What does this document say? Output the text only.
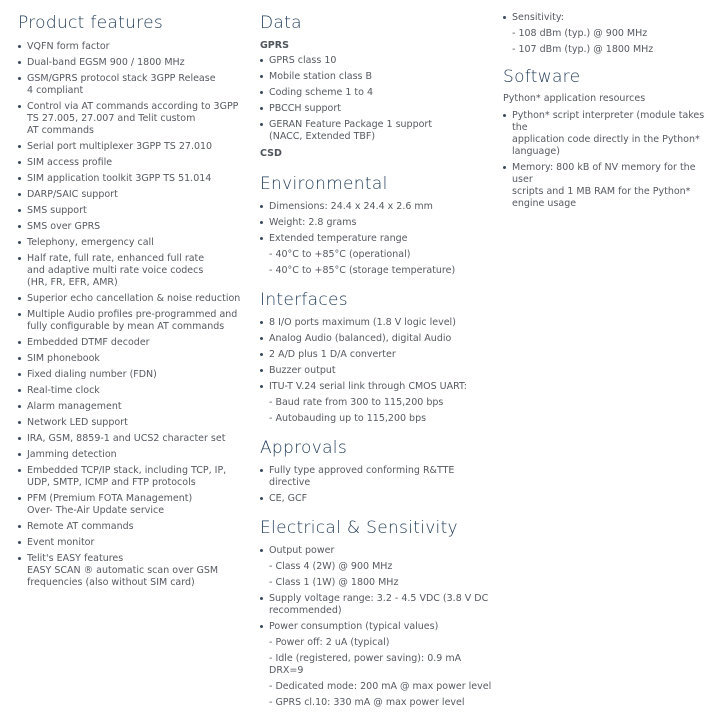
Product features
VQFN form factor
Dual-band EGSM 900 / 1800 MHz
GSM/GPRS protocol stack 3GPP Release
4 compliant
Control via AT commands according to 3GPP
TS 27.005, 27.007 and Telit custom
AT commands
Serial port multiplexer 3GPP TS 27.010
SIM access profile
SIM application toolkit 3GPP TS 51.014
DARP/SAIC support
SMS support
SMS over GPRS
Telephony, emergency call
Half rate, full rate, enhanced full rate
and adaptive multi rate voice codecs
(HR, FR, EFR, AMR)
Superior echo cancellation & noise reduction
Multiple Audio profiles pre-programmed and
fully configurable by mean AT commands
Embedded DTMF decoder
SIM phonebook
Fixed dialing number (FDN)
Real-time clock
Alarm management
Network LED support
IRA, GSM, 8859-1 and UCS2 character set
Jamming detection
Embedded TCP/IP stack, including TCP, IP,
UDP, SMTP, ICMP and FTP protocols
PFM (Premium FOTA Management)
Over- The-Air Update service
Remote AT commands
Event monitor
Telit's EASY features
EASY SCAN ® automatic scan over GSM
frequencies (also without SIM card)
Data

GPRS

GPRS class 10
Mobile station class B
Coding scheme 1 to 4
PBCCH support
GERAN Feature Package 1 support
(NACC, Extended TBF)

CSD

Environmental
Dimensions: 24.4 x 24.4 x 2.6 mm
Weight: 2.8 grams
Extended temperature range
- 40°C to +85°C (operational)
- 40°C to +85°C (storage temperature)
Interfaces
8 I/O ports maximum (1.8 V logic level)
Analog Audio (balanced), digital Audio
2 A/D plus 1 D/A converter
Buzzer output
ITU-T V.24 serial link through CMOS UART:
- Baud rate from 300 to 115,200 bps
- Autobauding up to 115,200 bps
Approvals
Fully type approved conforming R&TTE directive
CE, GCF
Electrical & Sensitivity
Output power
- Class 4 (2W) @ 900 MHz
- Class 1 (1W) @ 1800 MHz
Supply voltage range: 3.2 - 4.5 VDC (3.8 V DC
recommended)
Power consumption (typical values)
- Power off: 2 uA (typical)
- Idle (registered, power saving): 0.9 mA DRX=9
- Dedicated mode: 200 mA @ max power level
- GPRS cl.10: 330 mA @ max power level
Sensitivity:
- 108 dBm (typ.) @ 900 MHz
- 107 dBm (typ.) @ 1800 MHz
Software

Python* application resources

Python* script interpreter (module takes the
application code directly in the Python*
language)
Memory: 800 kB of NV memory for the user
scripts and 1 MB RAM for the Python*
engine usage
